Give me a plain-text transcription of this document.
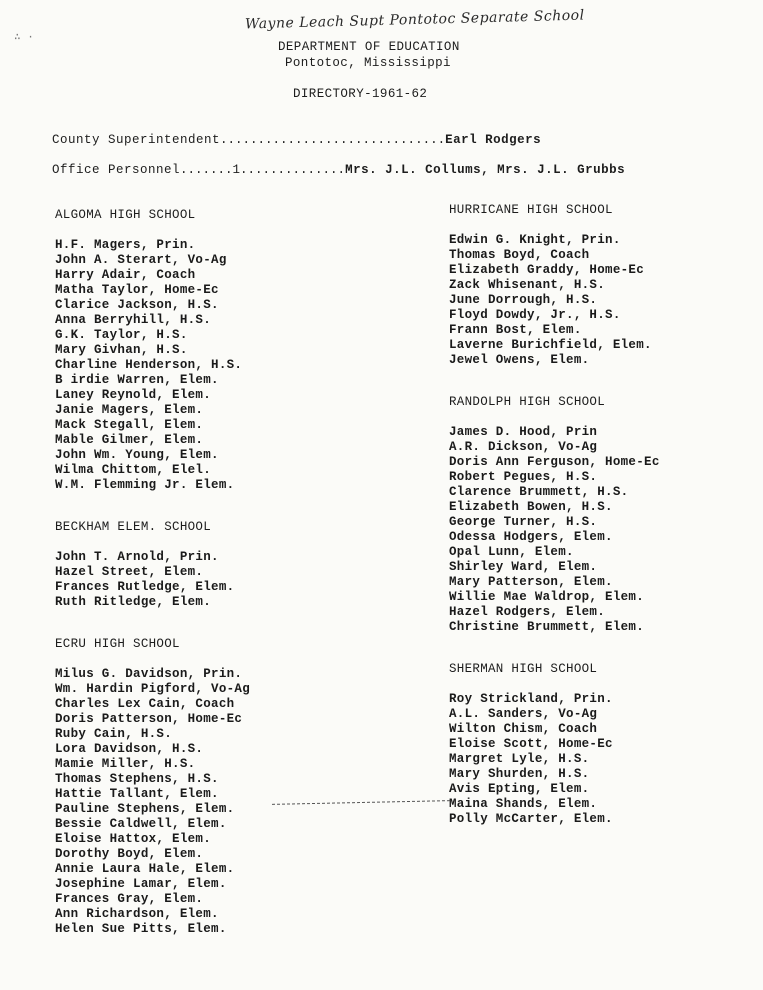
∴ ·
Wayne Leach Supt Pontotoc Separate School
DEPARTMENT OF EDUCATION
Pontotoc, Mississippi
DIRECTORY-1961-62
County Superintendent .............................. Earl Rodgers
Office Personnel .......1.............. Mrs. J.L. Collums, Mrs. J.L. Grubbs
ALGOMA HIGH SCHOOL
H.F. Magers, Prin.
John A. Sterart, Vo-Ag
Harry Adair, Coach
Matha Taylor, Home-Ec
Clarice Jackson, H.S.
Anna Berryhill, H.S.
G.K. Taylor, H.S.
Mary Givhan, H.S.
Charline Henderson, H.S.
B irdie Warren, Elem.
Laney Reynold, Elem.
Janie Magers, Elem.
Mack Stegall, Elem.
Mable Gilmer, Elem.
John Wm. Young, Elem.
Wilma Chittom, Elel.
W.M. Flemming Jr. Elem.
BECKHAM ELEM. SCHOOL
John T. Arnold, Prin.
Hazel Street, Elem.
Frances Rutledge, Elem.
Ruth Ritledge, Elem.
ECRU HIGH SCHOOL
Milus G. Davidson, Prin.
Wm. Hardin Pigford, Vo-Ag
Charles Lex Cain, Coach
Doris Patterson, Home-Ec
Ruby Cain, H.S.
Lora Davidson, H.S.
Mamie Miller, H.S.
Thomas Stephens, H.S.
Hattie Tallant, Elem.
Pauline Stephens, Elem.
Bessie Caldwell, Elem.
Eloise Hattox, Elem.
Dorothy Boyd, Elem.
Annie Laura Hale, Elem.
Josephine Lamar, Elem.
Frances Gray, Elem.
Ann Richardson, Elem.
Helen Sue Pitts, Elem.
HURRICANE HIGH SCHOOL
Edwin G. Knight, Prin.
Thomas Boyd, Coach
Elizabeth Graddy, Home-Ec
Zack Whisenant, H.S.
June Dorrough, H.S.
Floyd Dowdy, Jr., H.S.
Frann Bost, Elem.
Laverne Burichfield, Elem.
Jewel Owens, Elem.
RANDOLPH HIGH SCHOOL
James D. Hood, Prin
A.R. Dickson, Vo-Ag
Doris Ann Ferguson, Home-Ec
Robert Pegues, H.S.
Clarence Brummett, H.S.
Elizabeth Bowen, H.S.
George Turner, H.S.
Odessa Hodgers, Elem.
Opal Lunn, Elem.
Shirley Ward, Elem.
Mary Patterson, Elem.
Willie Mae Waldrop, Elem.
Hazel Rodgers, Elem.
Christine Brummett, Elem.
SHERMAN HIGH SCHOOL
Roy Strickland, Prin.
A.L. Sanders, Vo-Ag
Wilton Chism, Coach
Eloise Scott, Home-Ec
Margret Lyle, H.S.
Mary Shurden, H.S.
Avis Epting, Elem.
Maina Shands, Elem.
Polly McCarter, Elem.
